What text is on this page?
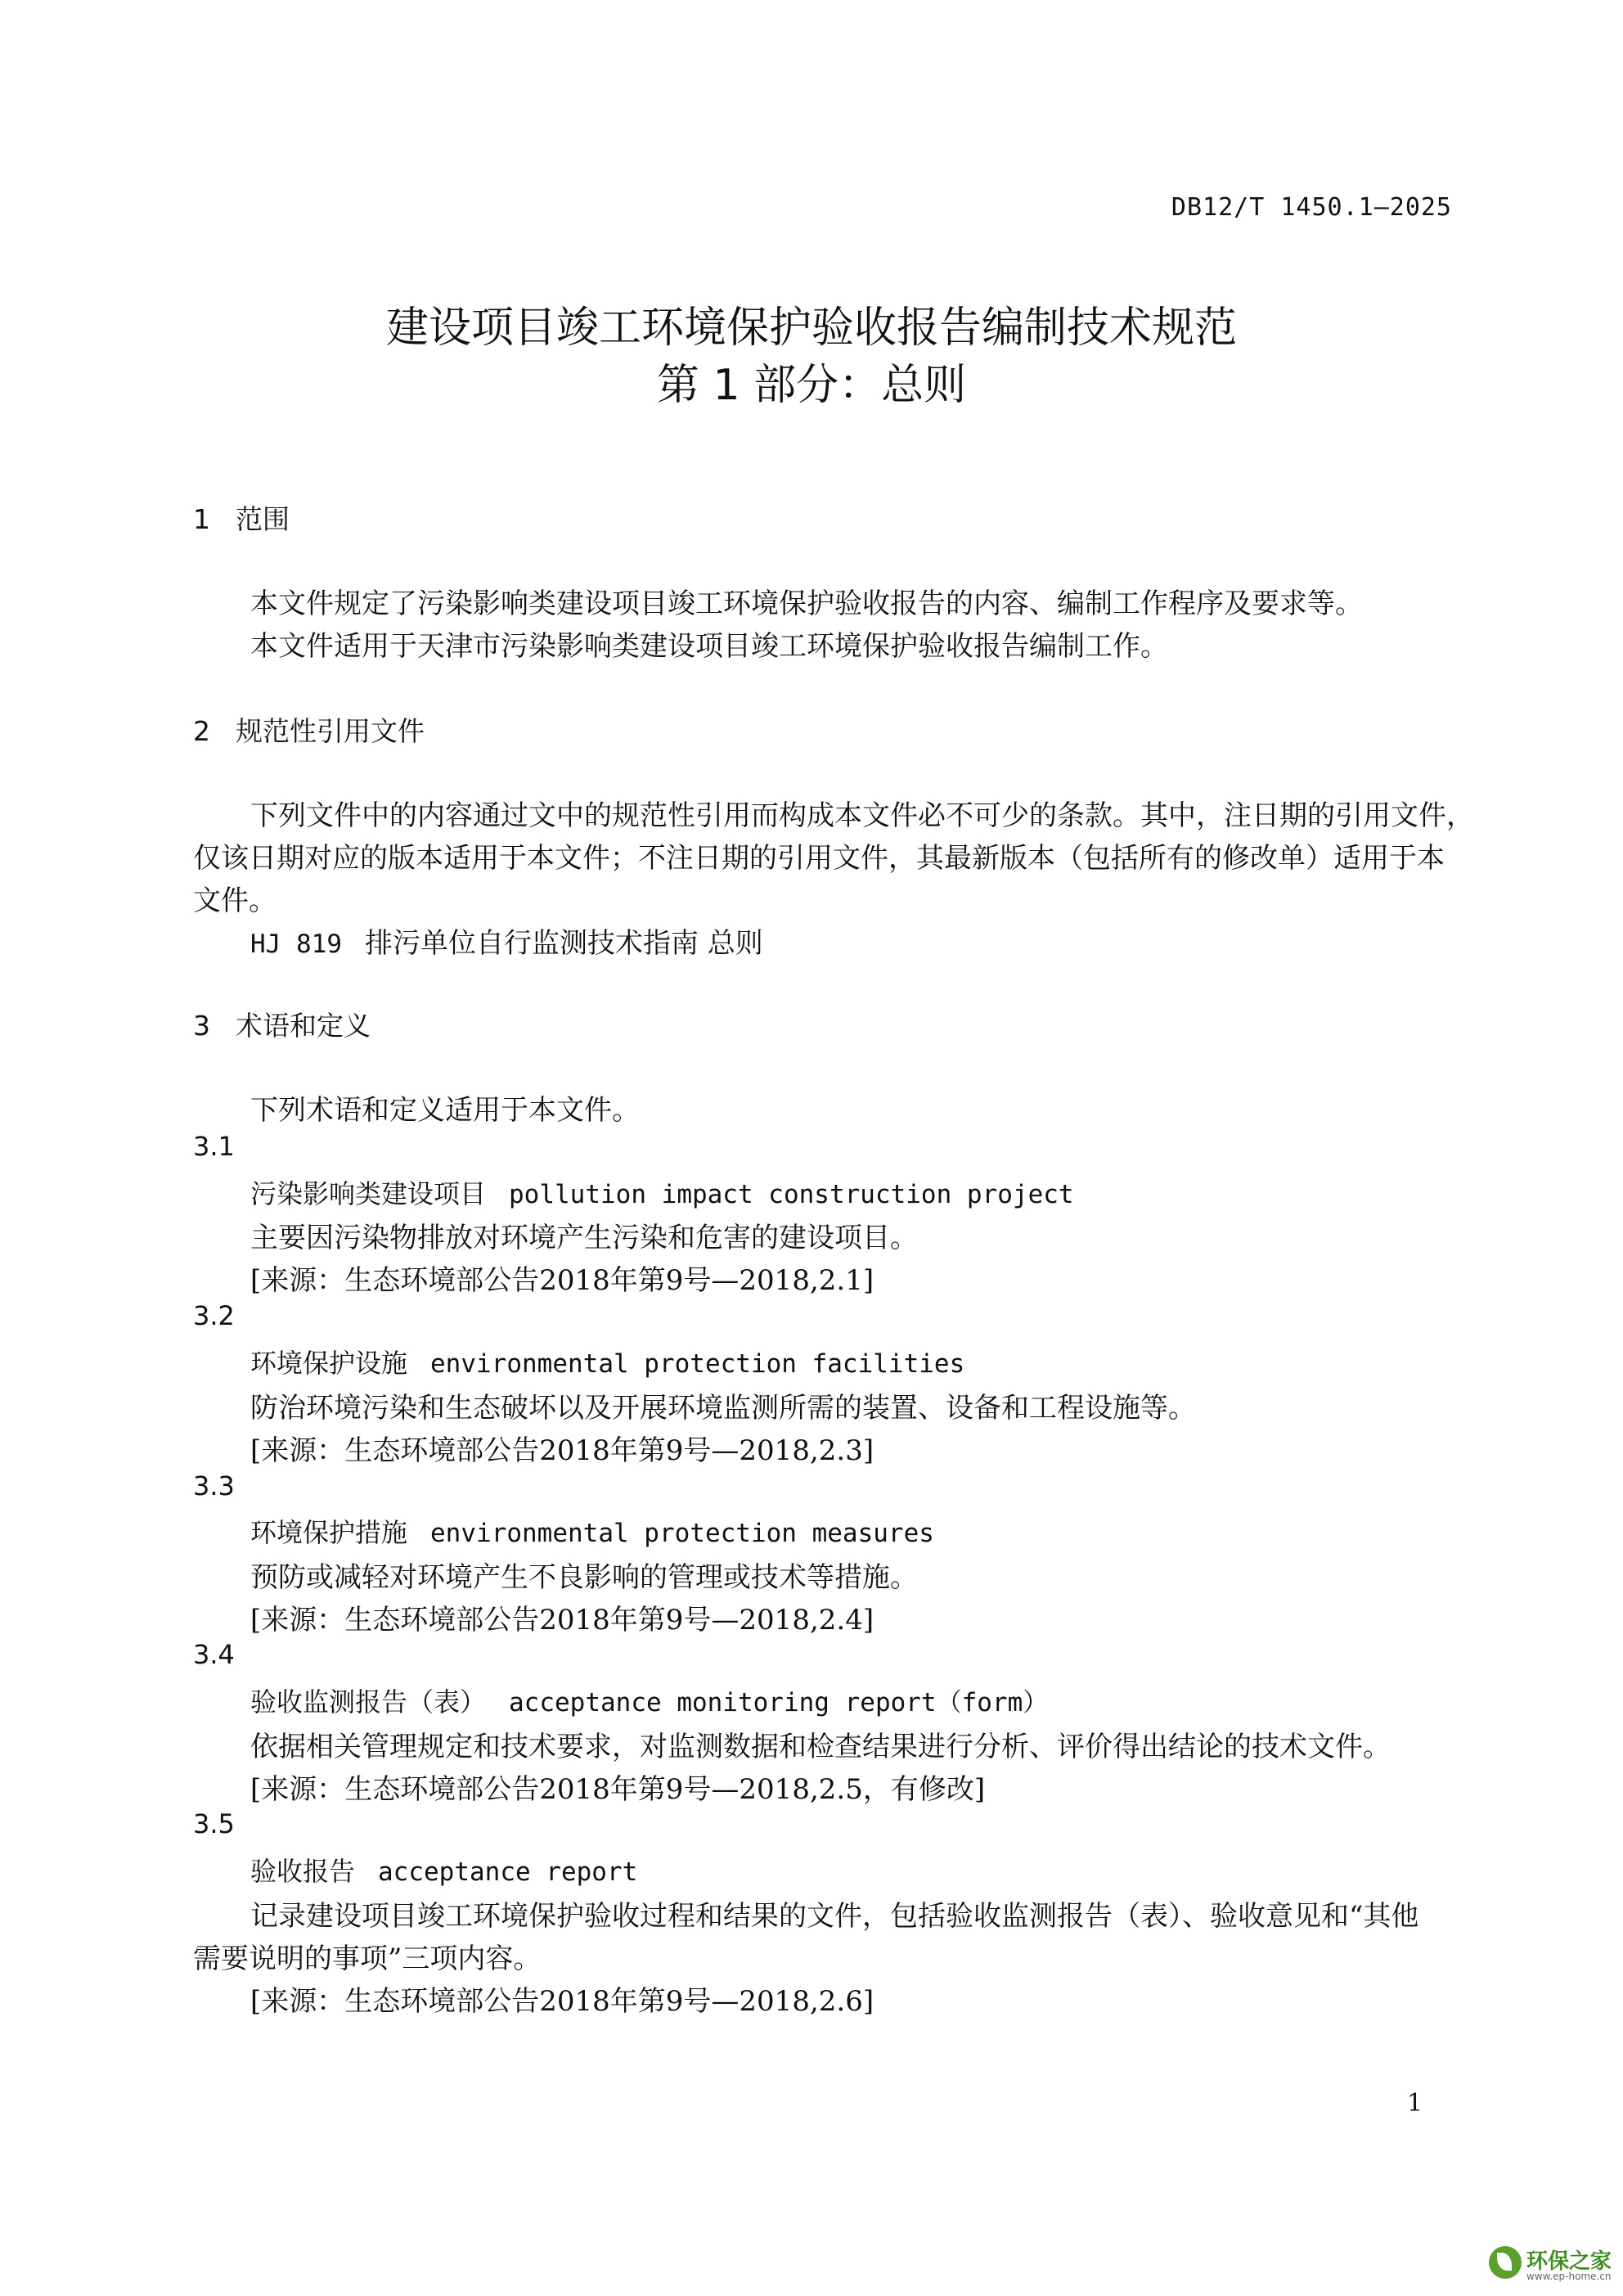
DB12/T 1450.1—2025
建设项目竣工环境保护验收报告编制技术规范
第 1 部分：总则
1 范围
本文件规定了污染影响类建设项目竣工环境保护验收报告的内容、编制工作程序及要求等。
本文件适用于天津市污染影响类建设项目竣工环境保护验收报告编制工作。
2 规范性引用文件
下列文件中的内容通过文中的规范性引用而构成本文件必不可少的条款。其中，注日期的引用文件，
仅该日期对应的版本适用于本文件；不注日期的引用文件，其最新版本（包括所有的修改单）适用于本
文件。
HJ 819 排污单位自行监测技术指南 总则
3 术语和定义
下列术语和定义适用于本文件。
3.1
污染影响类建设项目 pollution impact construction project
主要因污染物排放对环境产生污染和危害的建设项目。
[来源：生态环境部公告2018年第9号—2018,2.1]
3.2
环境保护设施 environmental protection facilities
防治环境污染和生态破坏以及开展环境监测所需的装置、设备和工程设施等。
[来源：生态环境部公告2018年第9号—2018,2.3]
3.3
环境保护措施 environmental protection measures
预防或减轻对环境产生不良影响的管理或技术等措施。
[来源：生态环境部公告2018年第9号—2018,2.4]
3.4
验收监测报告（表） acceptance monitoring report（form）
依据相关管理规定和技术要求，对监测数据和检查结果进行分析、评价得出结论的技术文件。
[来源：生态环境部公告2018年第9号—2018,2.5，有修改]
3.5
验收报告 acceptance report
记录建设项目竣工环境保护验收过程和结果的文件，包括验收监测报告（表）、验收意见和“其他
需要说明的事项”三项内容。
[来源：生态环境部公告2018年第9号—2018,2.6]
1
环保之家
www.ep-home.cn
